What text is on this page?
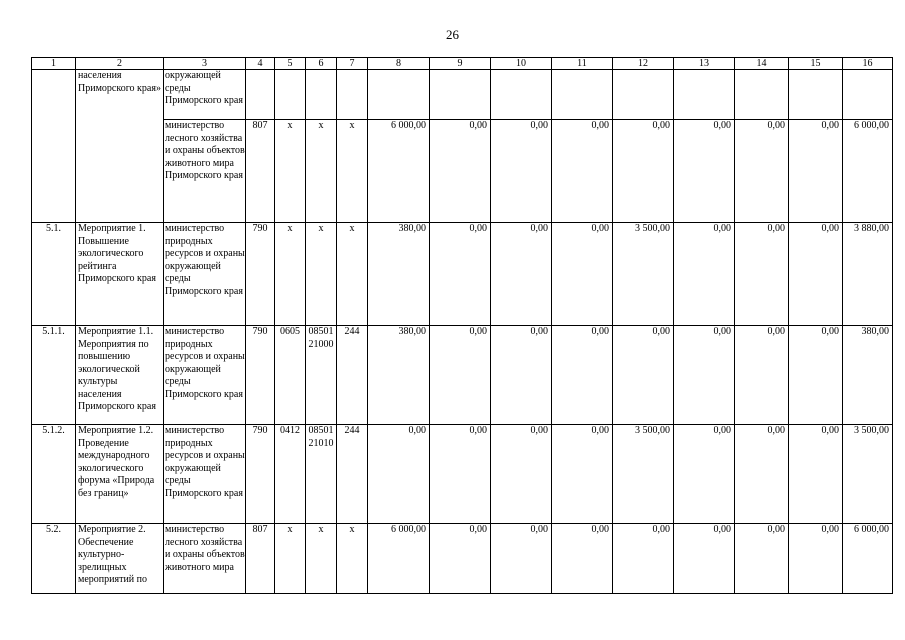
26
1	2	3	4	5	6	7	8	9	10	11	12	13	14	15	16
	населения Приморского края»	окружающей среды Приморского края													
		министерство лесного хозяйства и охраны объектов животного мира Приморского края	807	x	x	x	6 000,00	0,00	0,00	0,00	0,00	0,00	0,00	0,00	6 000,00
5.1.	Мероприятие 1. Повышение экологического рейтинга Приморского края	министерство природных ресурсов и охраны окружающей среды Приморского края	790	x	x	x	380,00	0,00	0,00	0,00	3 500,00	0,00	0,00	0,00	3 880,00
5.1.1.	Мероприятие 1.1. Мероприятия по повышению экологической культуры населения Приморского края	министерство природных ресурсов и охраны окружающей среды Приморского края	790	0605	08501 21000	244	380,00	0,00	0,00	0,00	0,00	0,00	0,00	0,00	380,00
5.1.2.	Мероприятие 1.2. Проведение международного экологического форума «Природа без границ»	министерство природных ресурсов и охраны окружающей среды Приморского края	790	0412	08501 21010	244	0,00	0,00	0,00	0,00	3 500,00	0,00	0,00	0,00	3 500,00
5.2.	Мероприятие 2. Обеспечение культурно-зрелищных мероприятий по	министерство лесного хозяйства и охраны объектов животного мира	807	x	x	x	6 000,00	0,00	0,00	0,00	0,00	0,00	0,00	0,00	6 000,00
